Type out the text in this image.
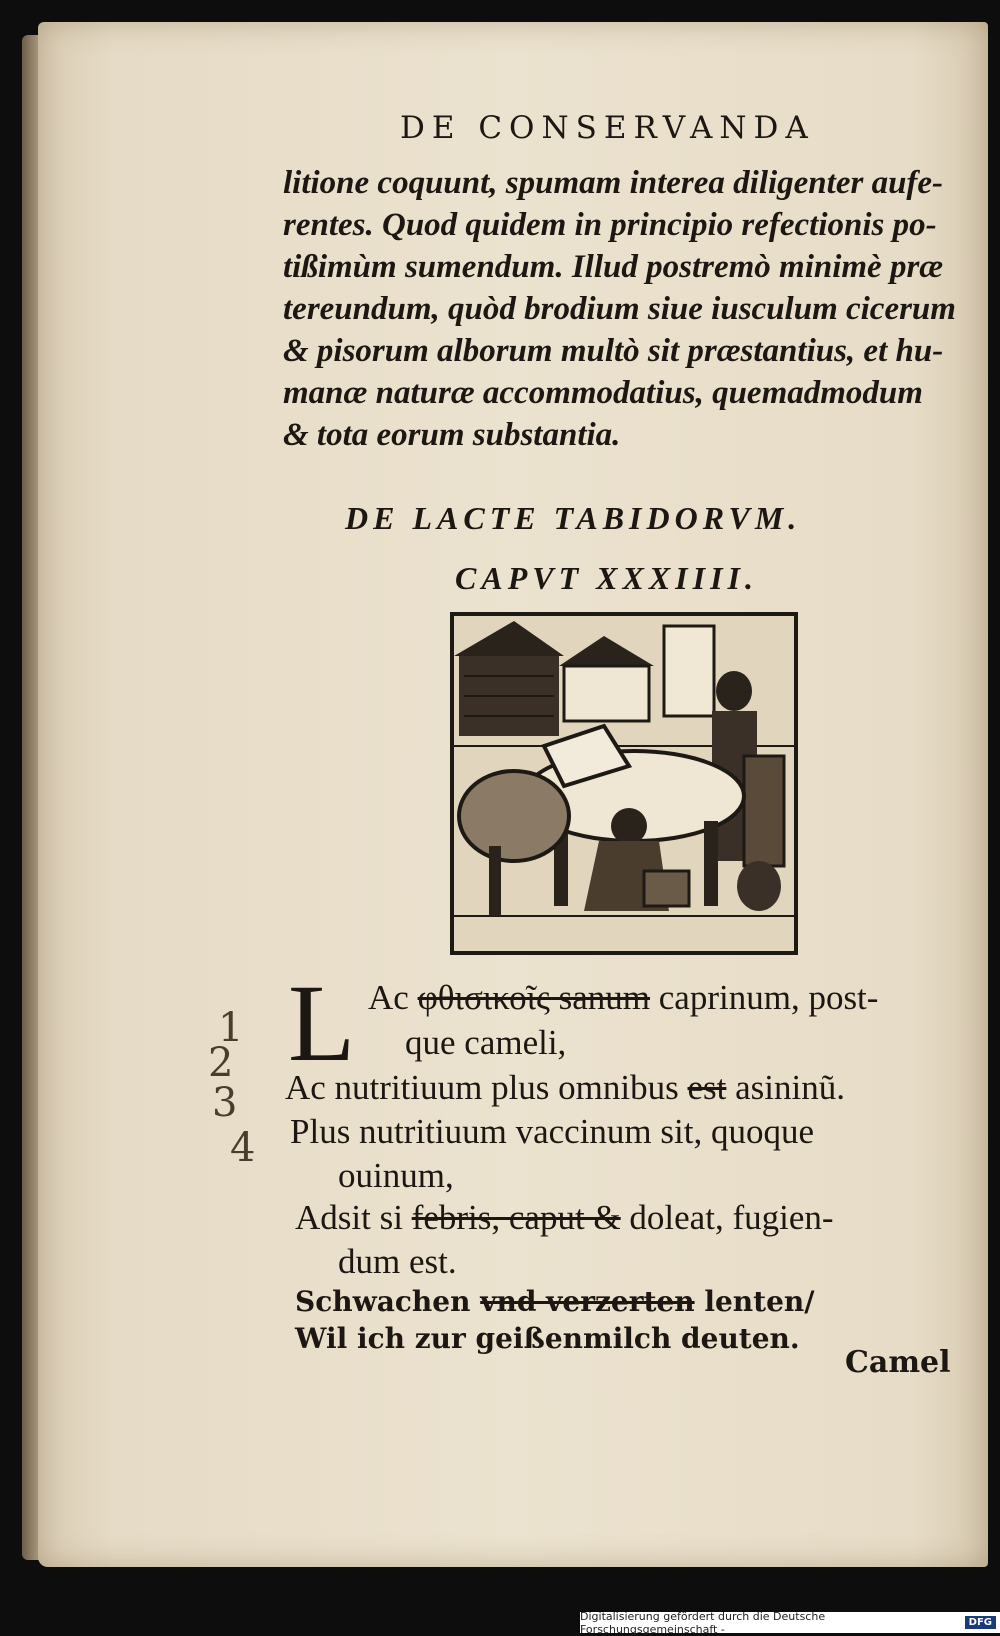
DE CONSERVANDA
litione coquunt, spumam interea diligenter aufe-
rentes. Quod quidem in principio refectionis po-
tißimùm sumendum. Illud postremò minimè præ
tereundum, quòd brodium siue iusculum cicerum
& pisorum alborum multò sit præstantius, et hu-
manæ naturæ accommodatius, quemadmodum
& tota eorum substantia.
DE LACTE TABIDORVM.
CAPVT XXXIIII.
L Ac φθισικοῖς sanum caprinum, post-
que cameli,
Ac nutritiuum plus omnibus est asininũ.
Plus nutritiuum vaccinum sit, quoque
ouinum,
Adsit si febris, caput & doleat, fugien-
dum est.
Schwachen vnd verzerten lenten/
Wil ich zur geißenmilch deuten.
Camel
1
2
3
4
Digitalisierung gefördert durch die Deutsche Forschungsgemeinschaft -	DFG
